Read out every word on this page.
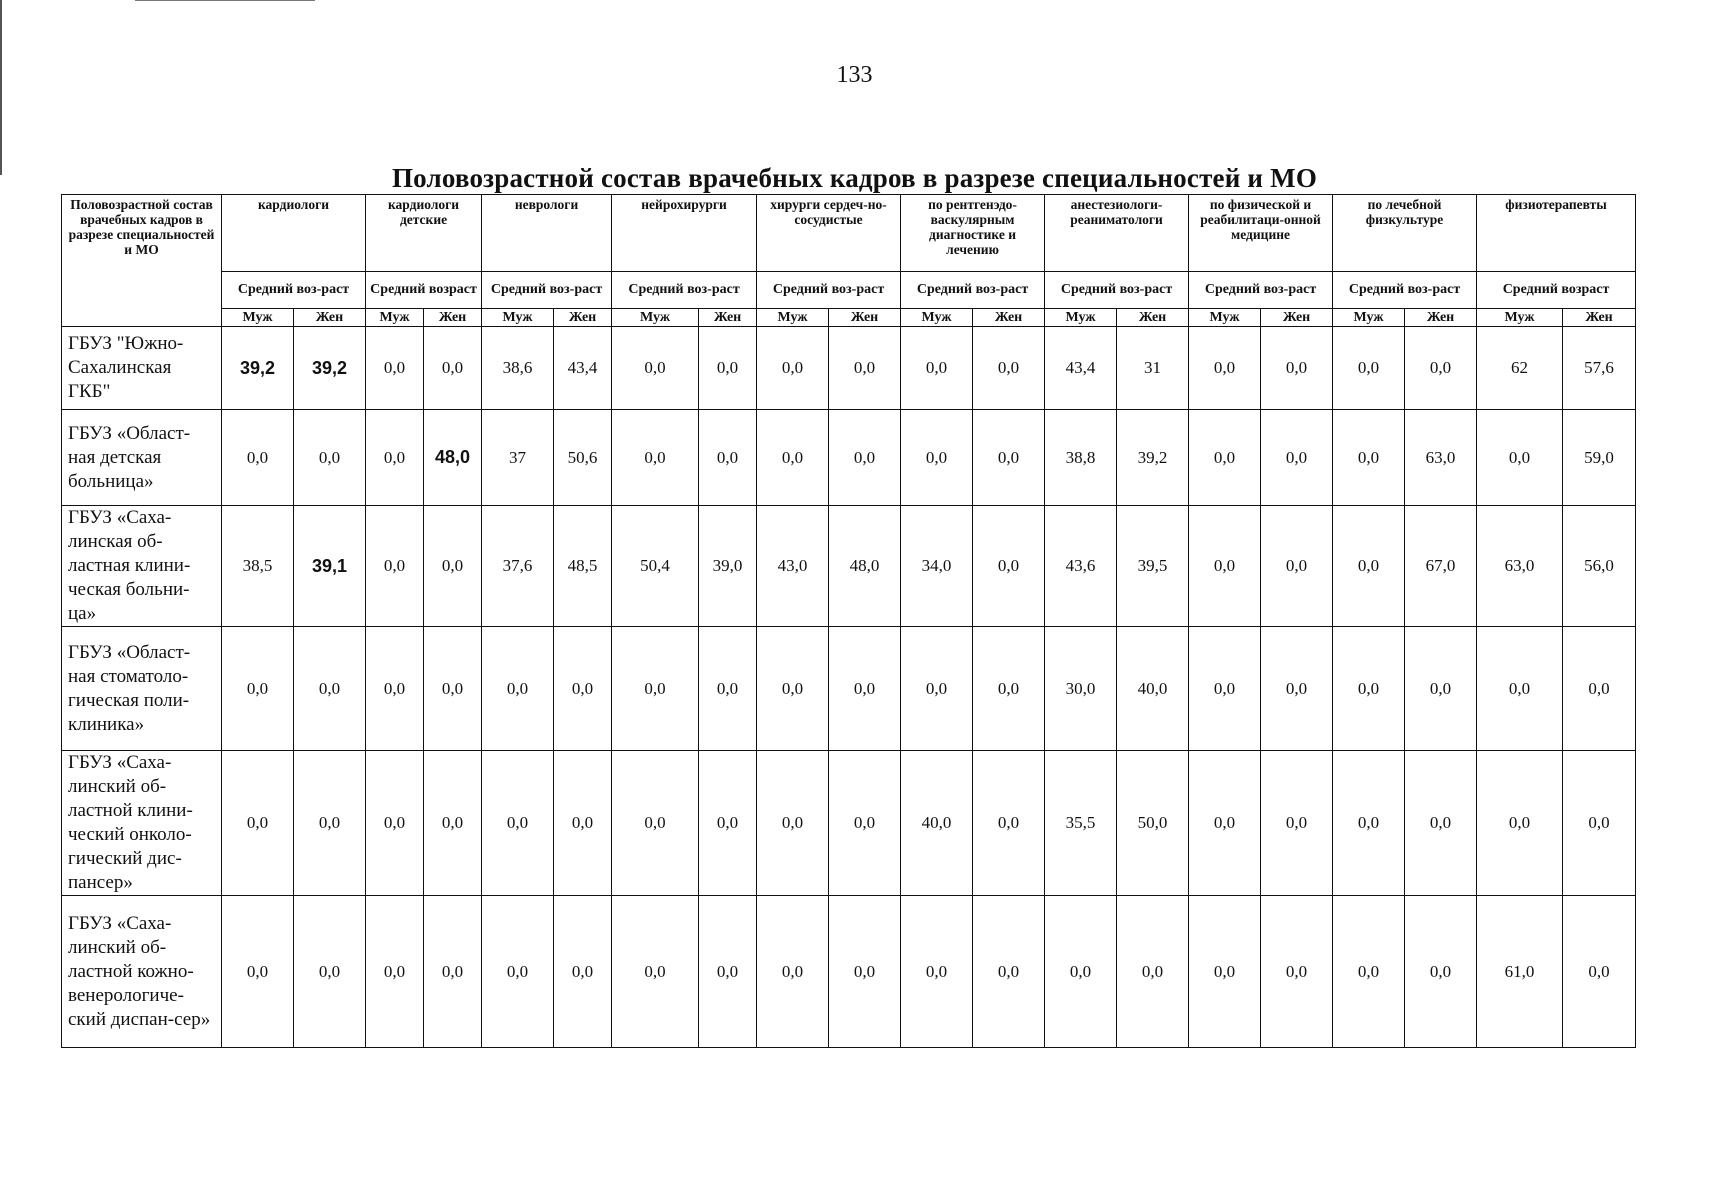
133
Половозрастной состав врачебных кадров в разрезе специальностей и МО
Половозрастной состав врачебных кадров в разрезе специальностей и МО	кардиологи		кардиологи детские		неврологи		нейрохирурги		хирурги сердеч-но-сосудистые		по рентгенэдо-васкулярным диагностике и лечению		анестезиологи-реаниматологи		по физической и реабилитаци-онной медицине		по лечебной физкультуре		физиотерапевты	
	Средний воз-раст		Средний возраст		Средний воз-раст		Средний воз-раст		Средний воз-раст		Средний воз-раст		Средний воз-раст		Средний воз-раст		Средний воз-раст		Средний возраст	
	Муж	Жен	Муж	Жен	Муж	Жен	Муж	Жен	Муж	Жен	Муж	Жен	Муж	Жен	Муж	Жен	Муж	Жен	Муж	Жен
ГБУЗ "Южно-Сахалинская ГКБ"	39,2	39,2	0,0	0,0	38,6	43,4	0,0	0,0	0,0	0,0	0,0	0,0	43,4	31	0,0	0,0	0,0	0,0	62	57,6
ГБУЗ «Област-ная детская больница»	0,0	0,0	0,0	48,0	37	50,6	0,0	0,0	0,0	0,0	0,0	0,0	38,8	39,2	0,0	0,0	0,0	63,0	0,0	59,0
ГБУЗ «Саха-линская об-ластная клини-ческая больни-ца»	38,5	39,1	0,0	0,0	37,6	48,5	50,4	39,0	43,0	48,0	34,0	0,0	43,6	39,5	0,0	0,0	0,0	67,0	63,0	56,0
ГБУЗ «Област-ная стоматоло-гическая поли-клиника»	0,0	0,0	0,0	0,0	0,0	0,0	0,0	0,0	0,0	0,0	0,0	0,0	30,0	40,0	0,0	0,0	0,0	0,0	0,0	0,0
ГБУЗ «Саха-линский об-ластной клини-ческий онколо-гический дис-пансер»	0,0	0,0	0,0	0,0	0,0	0,0	0,0	0,0	0,0	0,0	40,0	0,0	35,5	50,0	0,0	0,0	0,0	0,0	0,0	0,0
ГБУЗ «Саха-линский об-ластной кожно-венерологиче-ский диспан-сер»	0,0	0,0	0,0	0,0	0,0	0,0	0,0	0,0	0,0	0,0	0,0	0,0	0,0	0,0	0,0	0,0	0,0	0,0	61,0	0,0
